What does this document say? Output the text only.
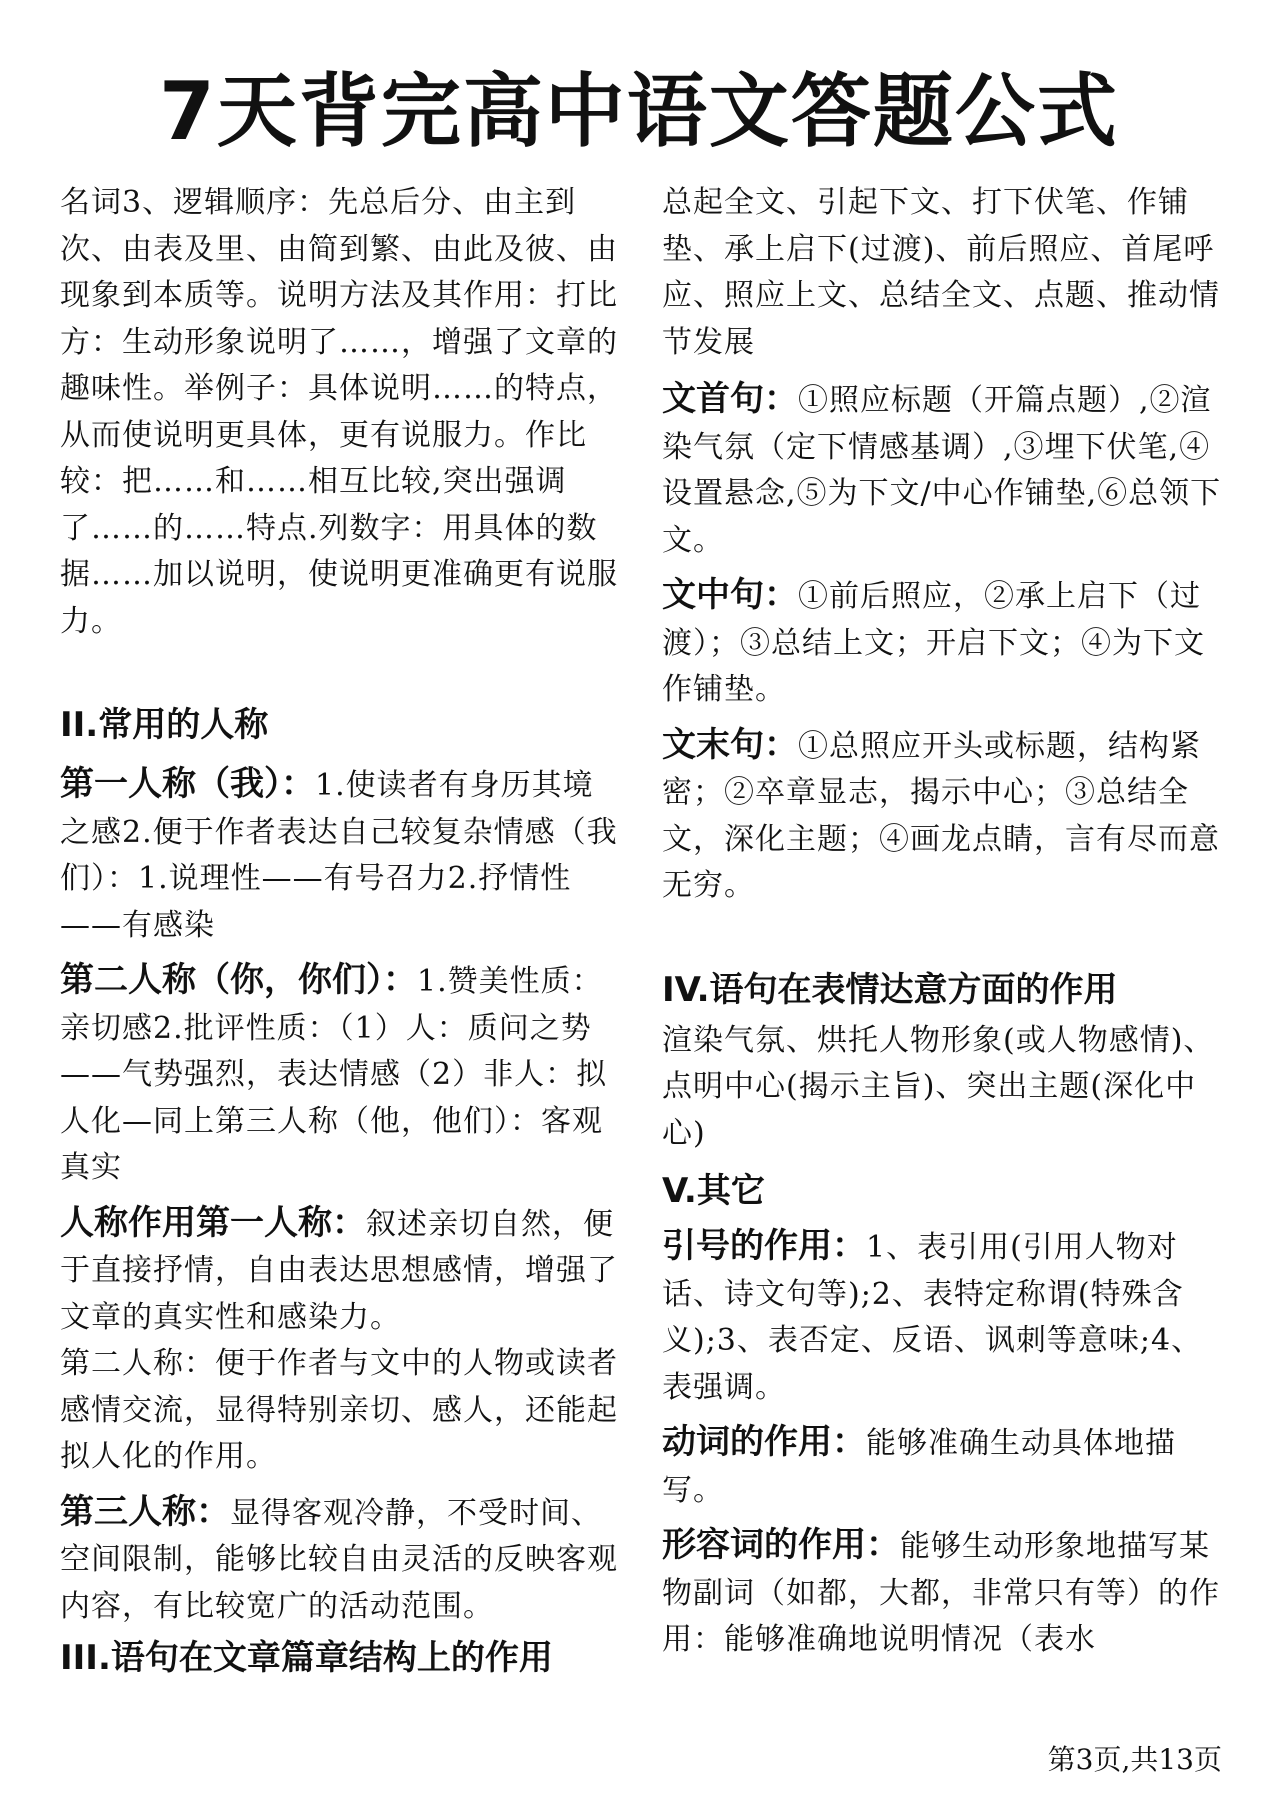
7天背完高中语文答题公式

名词3、逻辑顺序：先总后分、由主到次、由表及里、由简到繁、由此及彼、由现象到本质等。说明方法及其作用：打比方：生动形象说明了……，增强了文章的趣味性。举例子：具体说明……的特点，从而使说明更具体，更有说服力。作比较：把……和……相互比较,突出强调了……的……特点.列数字：用具体的数据……加以说明，使说明更准确更有说服力。

II.常用的人称

第一人称（我）：1.使读者有身历其境之感2.便于作者表达自己较复杂情感（我们）：1.说理性——有号召力2.抒情性——有感染

第二人称（你，你们）：1.赞美性质：亲切感2.批评性质：（1）人：质问之势——气势强烈，表达情感（2）非人：拟人化—同上第三人称（他，他们）：客观真实

人称作用第一人称：叙述亲切自然，便于直接抒情，自由表达思想感情，增强了文章的真实性和感染力。

第二人称：便于作者与文中的人物或读者感情交流，显得特别亲切、感人，还能起拟人化的作用。

第三人称：显得客观冷静，不受时间、空间限制，能够比较自由灵活的反映客观内容，有比较宽广的活动范围。

III.语句在文章篇章结构上的作用

总起全文、引起下文、打下伏笔、作铺垫、承上启下(过渡)、前后照应、首尾呼应、照应上文、总结全文、点题、推动情节发展

文首句：①照应标题（开篇点题）,②渲染气氛（定下情感基调）,③埋下伏笔,④设置悬念,⑤为下文/中心作铺垫,⑥总领下文。

文中句：①前后照应，②承上启下（过渡）；③总结上文；开启下文；④为下文作铺垫。

文末句：①总照应开头或标题，结构紧密；②卒章显志，揭示中心；③总结全文，深化主题；④画龙点睛，言有尽而意无穷。

IV.语句在表情达意方面的作用

渲染气氛、烘托人物形象(或人物感情)、点明中心(揭示主旨)、突出主题(深化中心)

V.其它

引号的作用：1、表引用(引用人物对话、诗文句等);2、表特定称谓(特殊含义);3、表否定、反语、讽刺等意味;4、表强调。

动词的作用：能够准确生动具体地描写。

形容词的作用：能够生动形象地描写某物副词（如都，大都，非常只有等）的作用：能够准确地说明情况（表水

第3页,共13页
